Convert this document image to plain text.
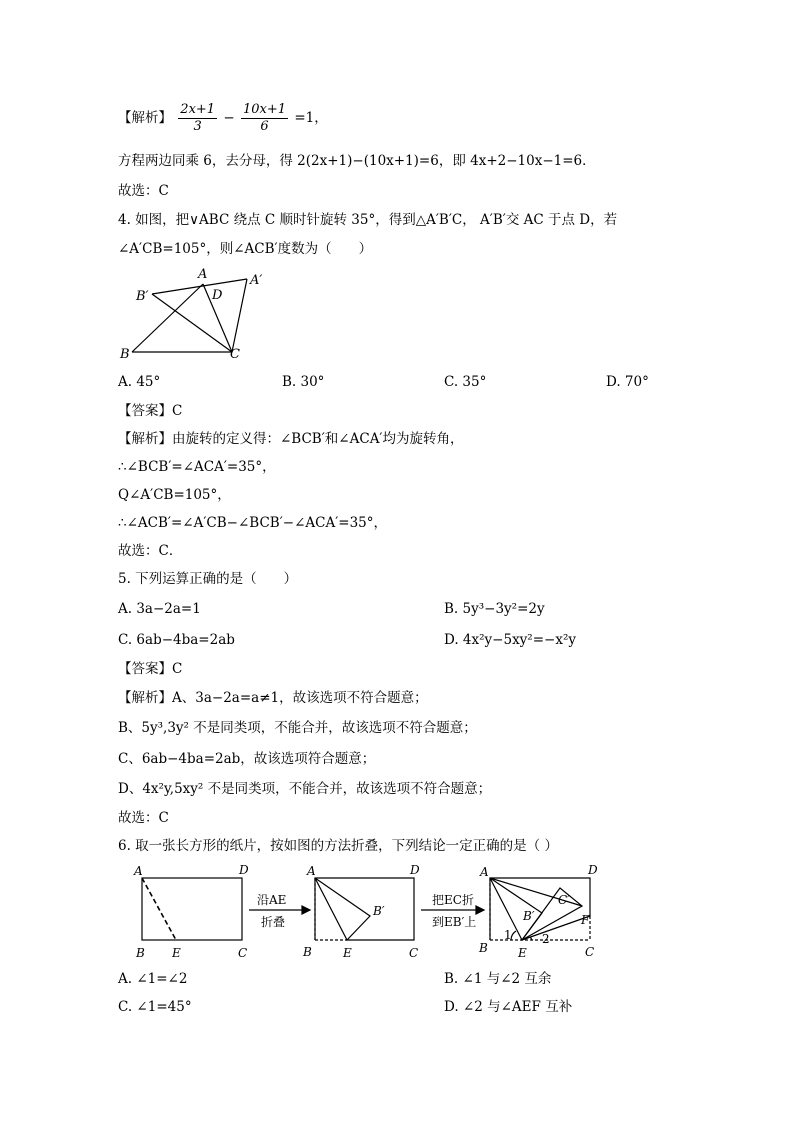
【解析】 $\frac{2x+1}{3} - \frac{10x+1}{6} =1$，
方程两边同乘 6，去分母，得 2(2x+1)−(10x+1)=6，即 4x+2−10x−1=6．
故选：C
4. 如图，把∨ABC 绕点 C 顺时针旋转 35°，得到△A′B′C， A′B′交 AC 于点 D，若
∠A′CB=105°，则∠ACB′度数为（　　）
A	A′
B′	D
B	C
A. 45°	B. 30°	C. 35°	D. 70°
【答案】C
【解析】由旋转的定义得：∠BCB′和∠ACA′均为旋转角，
∴∠BCB′=∠ACA′=35°，
Q∠A′CB=105°，
∴∠ACB′=∠A′CB−∠BCB′−∠ACA′=35°，
故选：C．
5. 下列运算正确的是（　　）
A. 3a−2a=1	B. 5y³−3y²=2y
C. 6ab−4ba=2ab	D. 4x²y−5xy²=−x²y
【答案】C
【解析】A、3a−2a=a≠1，故该选项不符合题意；
B、5y³,3y² 不是同类项，不能合并，故该选项不符合题意；
C、6ab−4ba=2ab，故该选项符合题意；
D、4x²y,5xy² 不是同类项，不能合并，故该选项不符合题意；
故选：C
6. 取一张长方形的纸片，按如图的方法折叠，下列结论一定正确的是（ ）
A	D
B E	C
沿AE
折叠
A	D
B	E	C
B′
把EC折
到EB′上
A	D
B	E	C
B′
C′
F
1	2
A. ∠1=∠2	B. ∠1 与∠2 互余
C. ∠1=45°	D. ∠2 与∠AEF 互补
